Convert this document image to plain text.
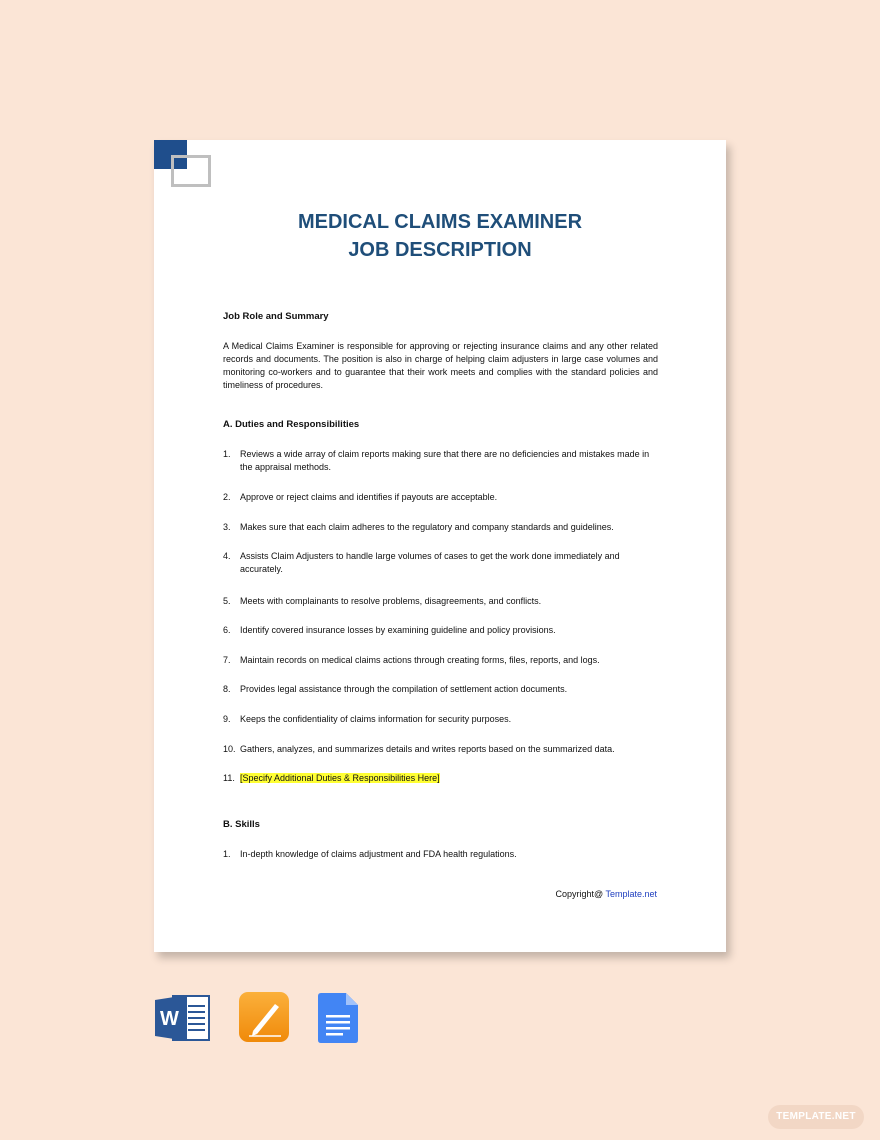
MEDICAL CLAIMS EXAMINER
JOB DESCRIPTION

Job Role and Summary

A Medical Claims Examiner is responsible for approving or rejecting insurance claims and any other related records and documents. The position is also in charge of helping claim adjusters in large case volumes and monitoring co-workers and to guarantee that their work meets and complies with the standard policies and timeliness of procedures.

A. Duties and Responsibilities

1.	Reviews a wide array of claim reports making sure that there are no deficiencies and mistakes made in the appraisal methods.
2.	Approve or reject claims and identifies if payouts are acceptable.
3.	Makes sure that each claim adheres to the regulatory and company standards and guidelines.
4.	Assists Claim Adjusters to handle large volumes of cases to get the work done immediately and accurately.
5.	Meets with complainants to resolve problems, disagreements, and conflicts.
6.	Identify covered insurance losses by examining guideline and policy provisions.
7.	Maintain records on medical claims actions through creating forms, files, reports, and logs.
8.	Provides legal assistance through the compilation of settlement action documents.
9.	Keeps the confidentiality of claims information for security purposes.
10. Gathers, analyzes, and summarizes details and writes reports based on the summarized data.
11. [Specify Additional Duties & Responsibilities Here]

B. Skills

1.	In-depth knowledge of claims adjustment and FDA health regulations.
Copyright@ Template.net
W
TEMPLATE.NET
